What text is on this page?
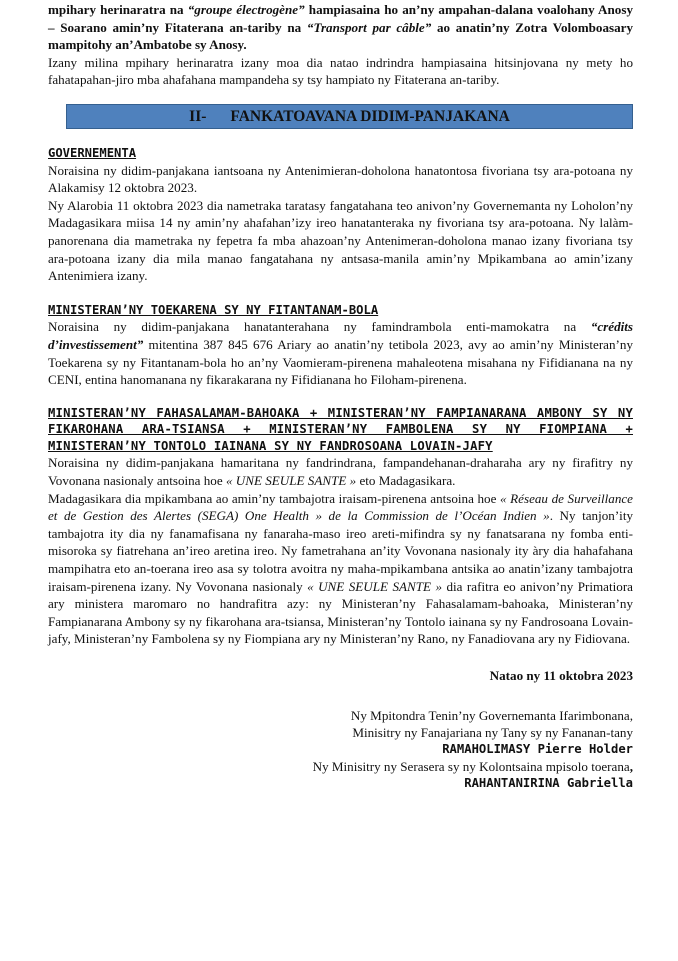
mpihary herinaratra na “groupe électrogène” hampiasaina ho an’ny ampahan-dalana voalohany Anosy – Soarano amin’ny Fitaterana an-tariby na “Transport par câble” ao anatin’ny Zotra Volomboasary mampitohy an’Ambatobe sy Anosy.

Izany milina mpihary herinaratra izany moa dia natao indrindra hampiasaina hitsinjovana ny mety ho fahatapahan-jiro mba ahafahana mampandeha sy tsy hampiato ny Fitaterana an-tariby.

II- FANKATOAVANA DIDIM-PANJAKANA

GOVERNEMENTA

Noraisina ny didim-panjakana iantsoana ny Antenimieran-doholona hanatontosa fivoriana tsy ara-potoana ny Alakamisy 12 oktobra 2023.

Ny Alarobia 11 oktobra 2023 dia nametraka taratasy fangatahana teo anivon’ny Governemanta ny Loholon’ny Madagasikara miisa 14 ny amin’ny ahafahan’izy ireo hanatanteraka ny fivoriana tsy ara-potoana. Ny lalàm-panorenana dia mametraka ny fepetra fa mba ahazoan’ny Antenimeran-doholona manao izany fivoriana tsy ara-potoana izany dia mila manao fangatahana ny antsasa-manila amin’ny Mpikambana ao amin’izany Antenimiera izany.

MINISTERAN’NY TOEKARENA SY NY FITANTANAM-BOLA

Noraisina ny didim-panjakana hanatanterahana ny famindrambola enti-mamokatra na “crédits d’investissement” mitentina 387 845 676 Ariary ao anatin’ny tetibola 2023, avy ao amin’ny Ministeran’ny Toekarena sy ny Fitantanam-bola ho an’ny Vaomieram-pirenena mahaleotena misahana ny Fifidianana na ny CENI, entina hanomanana ny fikarakarana ny Fifidianana ho Filoham-pirenena.

MINISTERAN’NY FAHASALAMAM-BAHOAKA + MINISTERAN’NY FAMPIANARANA AMBONY SY NY FIKAROHANA ARA-TSIANSA + MINISTERAN’NY FAMBOLENA SY NY FIOMPIANA + MINISTERAN’NY TONTOLO IAINANA SY NY FANDROSOANA LOVAIN-JAFY

Noraisina ny didim-panjakana hamaritana ny fandrindrana, fampandehanan-draharaha ary ny firafitry ny Vovonana nasionaly antsoina hoe « UNE SEULE SANTE » eto Madagasikara.

Madagasikara dia mpikambana ao amin’ny tambajotra iraisam-pirenena antsoina hoe « Réseau de Surveillance et de Gestion des Alertes (SEGA) One Health » de la Commission de l’Océan Indien ». Ny tanjon’ity tambajotra ity dia ny fanamafisana ny fanaraha-maso ireo areti-mifindra sy ny fanatsarana ny fomba enti-misoroka sy fiatrehana an’ireo aretina ireo. Ny fametrahana an’ity Vovonana nasionaly ity àry dia hahafahana mampihatra eto an-toerana ireo asa sy tolotra avoitra ny maha-mpikambana antsika ao anatin’izany tambajotra iraisam-pirenena izany. Ny Vovonana nasionaly « UNE SEULE SANTE » dia rafitra eo anivon’ny Primatiora ary ministera maromaro no handrafitra azy: ny Ministeran’ny Fahasalamam-bahoaka, Ministeran’ny Fampianarana Ambony sy ny fikarohana ara-tsiansa, Ministeran’ny Tontolo iainana sy ny Fandrosoana Lovain-jafy, Ministeran’ny Fambolena sy ny Fiompiana ary ny Ministeran’ny Rano, ny Fanadiovana ary ny Fidiovana.

Natao ny 11 oktobra 2023

Ny Mpitondra Tenin’ny Governemanta Ifarimbonana,
Minisitry ny Fanajariana ny Tany sy ny Fananan-tany
RAMAHOLIMASY Pierre Holder
Ny Minisitry ny Serasera sy ny Kolontsaina mpisolo toerana,
RAHANTANIRINA Gabriella
